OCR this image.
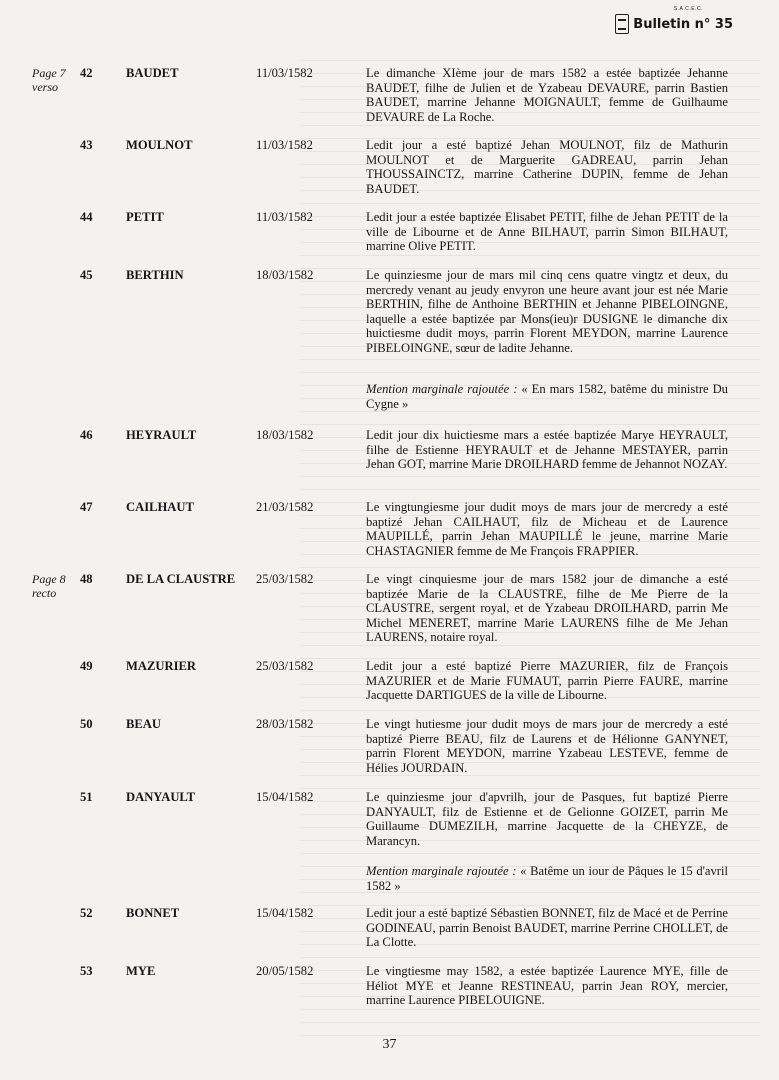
S.A.C.E.C.
Bulletin n° 35
Page 7
verso
42	BAUDET	11/03/1582	Le dimanche XIème jour de mars 1582 a estée baptizée Jehanne BAUDET, filhe de Julien et de Yzabeau DEVAURE, parrin Bastien BAUDET, marrine Jehanne MOIGNAULT, femme de Guilhaume DEVAURE de La Roche.
43	MOULNOT	11/03/1582	Ledit jour a esté baptizé Jehan MOULNOT, filz de Mathurin MOULNOT et de Marguerite GADREAU, parrin Jehan THOUSSAINCTZ, marrine Catherine DUPIN, femme de Jehan BAUDET.
44	PETIT	11/03/1582	Ledit jour a estée baptizée Elisabet PETIT, filhe de Jehan PETIT de la ville de Libourne et de Anne BILHAUT, parrin Simon BILHAUT, marrine Olive PETIT.
45	BERTHIN	18/03/1582	Le quinziesme jour de mars mil cinq cens quatre vingtz et deux, du mercredy venant au jeudy envyron une heure avant jour est née Marie BERTHIN, filhe de Anthoine BERTHIN et Jehanne PIBELOINGNE, laquelle a estée baptizée par Mons(ieu)r DUSIGNE le dimanche dix huictiesme dudit moys, parrin Florent MEYDON, marrine Laurence PIBELOINGNE, sœur de ladite Jehanne.
Mention marginale rajoutée : « En mars 1582, batême du ministre Du Cygne »
46	HEYRAULT	18/03/1582	Ledit jour dix huictiesme mars a estée baptizée Marye HEYRAULT, filhe de Estienne HEYRAULT et de Jehanne MESTAYER, parrin Jehan GOT, marrine Marie DROILHARD femme de Jehannot NOZAY.
47	CAILHAUT	21/03/1582	Le vingtungiesme jour dudit moys de mars jour de mercredy a esté baptizé Jehan CAILHAUT, filz de Micheau et de Laurence MAUPILLÉ, parrin Jehan MAUPILLÉ le jeune, marrine Marie CHASTAGNIER femme de Me François FRAPPIER.
Page 8
recto
48	DE LA CLAUSTRE 25/03/1582	Le vingt cinquiesme jour de mars 1582 jour de dimanche a esté baptizée Marie de la CLAUSTRE, filhe de Me Pierre de la CLAUSTRE, sergent royal, et de Yzabeau DROILHARD, parrin Me Michel MENERET, marrine Marie LAURENS filhe de Me Jehan LAURENS, notaire royal.
49	MAZURIER	25/03/1582	Ledit jour a esté baptizé Pierre MAZURIER, filz de François MAZURIER et de Marie FUMAUT, parrin Pierre FAURE, marrine Jacquette DARTIGUES de la ville de Libourne.
50	BEAU	28/03/1582	Le vingt hutiesme jour dudit moys de mars jour de mercredy a esté baptizé Pierre BEAU, filz de Laurens et de Hélionne GANYNET, parrin Florent MEYDON, marrine Yzabeau LESTEVE, femme de Hélies JOURDAIN.
51	DANYAULT	15/04/1582	Le quinziesme jour d'apvrilh, jour de Pasques, fut baptizé Pierre DANYAULT, filz de Estienne et de Gelionne GOIZET, parrin Me Guillaume DUMEZILH, marrine Jacquette de la CHEYZE, de Marancyn.
Mention marginale rajoutée : « Batême un iour de Pâques le 15 d'avril 1582 »
52	BONNET	15/04/1582	Ledit jour a esté baptizé Sébastien BONNET, filz de Macé et de Perrine GODINEAU, parrin Benoist BAUDET, marrine Perrine CHOLLET, de La Clotte.
53	MYE	20/05/1582	Le vingtiesme may 1582, a estée baptizée Laurence MYE, fille de Héliot MYE et Jeanne RESTINEAU, parrin Jean ROY, mercier, marrine Laurence PIBELOUIGNE.
37
